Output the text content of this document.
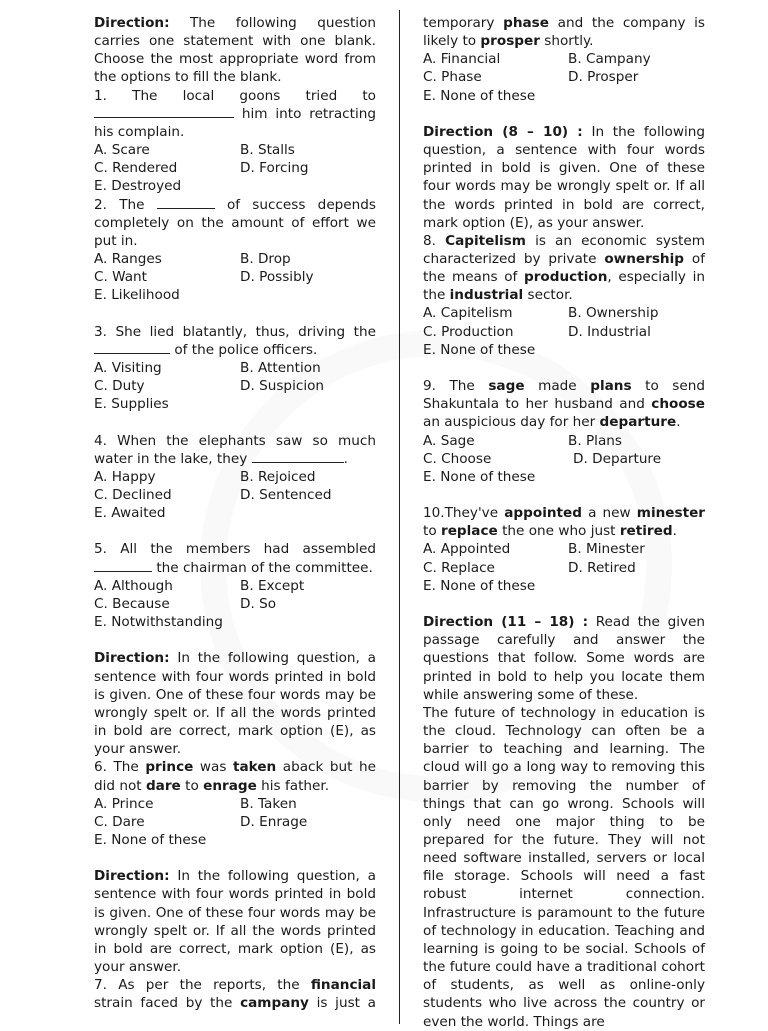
Direction: The following question carries one statement with one blank. Choose the most appropriate word from the options to fill the blank.
1. The local goons tried to  him into retracting
his complain.
A. Scare	B. Stalls
C. Rendered	D. Forcing
E. Destroyed
2. The	of success depends completely on the amount of effort we put in.
A. Ranges	B. Drop
C. Want	D. Possibly
E. Likelihood
3. She lied blatantly, thus, driving the  of the police officers.
A. Visiting	B. Attention
C. Duty	D. Suspicion
E. Supplies
4. When the elephants saw so much water in the lake, they	.
A. Happy	B. Rejoiced
C. Declined	D. Sentenced
E. Awaited
5. All the members had assembled  the chairman of the committee.
A. Although	B. Except
C. Because	D. So
E. Notwithstanding
Direction: In the following question, a sentence with four words printed in bold is given. One of these four words may be wrongly spelt or. If all the words printed in bold are correct, mark option (E), as your answer.
6. The prince was taken aback but he did not dare to enrage his father.
A. Prince	B. Taken
C. Dare	D. Enrage
E. None of these
Direction: In the following question, a sentence with four words printed in bold is given. One of these four words may be wrongly spelt or. If all the words printed in bold are correct, mark option (E), as your answer.
7. As per the reports, the financial strain faced by the campany is just a
temporary phase and the company is likely to prosper shortly.
A. Financial	B. Campany
C. Phase	D. Prosper
E. None of these
Direction (8 – 10) : In the following question, a sentence with four words printed in bold is given. One of these four words may be wrongly spelt or. If all the words printed in bold are correct, mark option (E), as your answer.
8. Capitelism is an economic system characterized by private ownership of the means of production, especially in the industrial sector.
A. Capitelism	B. Ownership
C. Production	D. Industrial
E. None of these
9. The sage made plans to send Shakuntala to her husband and choose an auspicious day for her departure.
A. Sage	B. Plans
C. Choose	D. Departure
E. None of these
10.They've appointed a new minester to replace the one who just retired.
A. Appointed	B. Minester
C. Replace	D. Retired
E. None of these
Direction (11 – 18) : Read the given passage carefully and answer the questions that follow. Some words are printed in bold to help you locate them while answering some of these.
The future of technology in education is the cloud. Technology can often be a barrier to teaching and learning. The cloud will go a long way to removing this barrier by removing the number of things that can go wrong. Schools will only need one major thing to be prepared for the future. They will not need software installed, servers or local file storage. Schools will need a fast robust internet connection. Infrastructure is paramount to the future of technology in education. Teaching and learning is going to be social. Schools of the future could have a traditional cohort of students, as well as online-only students who live across the country or even the world. Things are
